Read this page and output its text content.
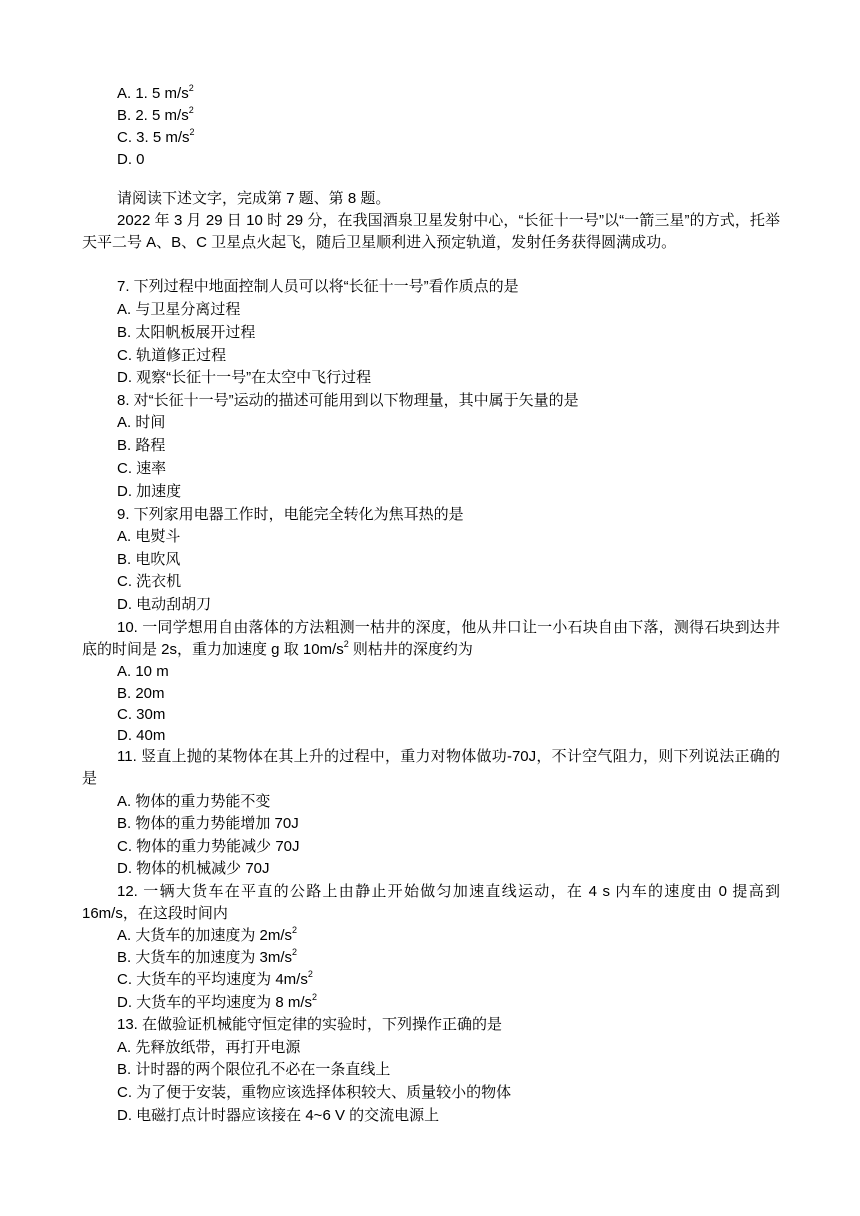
A. 1. 5 $m/s^2$
B. 2. 5 $m/s^2$
C. 3. 5 $m/s^2$
D. 0
请阅读下述文字，完成第 7 题、第 8 题。
2022 年 3 月 29 日 10 时 29 分，在我国酒泉卫星发射中心，“长征十一号”以“一箭三星”的方式，托举天平二号 A、B、C 卫星点火起飞，随后卫星顺利进入预定轨道，发射任务获得圆满成功。
7. 下列过程中地面控制人员可以将“长征十一号”看作质点的是
A. 与卫星分离过程
B. 太阳帆板展开过程
C. 轨道修正过程
D. 观察“长征十一号”在太空中飞行过程
8. 对“长征十一号”运动的描述可能用到以下物理量，其中属于矢量的是
A. 时间
B. 路程
C. 速率
D. 加速度
9. 下列家用电器工作时，电能完全转化为焦耳热的是
A. 电熨斗
B. 电吹风
C. 洗衣机
D. 电动刮胡刀
10. 一同学想用自由落体的方法粗测一枯井的深度，他从井口让一小石块自由下落，测得石块到达井底的时间是 2s，重力加速度 g 取 $10m/s^2$ 则枯井的深度约为
A. 10 m
B. 20m
C. 30m
D. 40m
11. 竖直上抛的某物体在其上升的过程中，重力对物体做功-70J，不计空气阻力，则下列说法正确的是
A. 物体的重力势能不变
B. 物体的重力势能增加 70J
C. 物体的重力势能减少 70J
D. 物体的机械减少 70J
12. 一辆大货车在平直的公路上由静止开始做匀加速直线运动，在 4 s 内车的速度由 0 提高到 16m/s，在这段时间内
A. 大货车的加速度为 $2m/s^2$
B. 大货车的加速度为 $3m/s^2$
C. 大货车的平均速度为 $4m/s^2$
D. 大货车的平均速度为 8 $m/s^2$
13. 在做验证机械能守恒定律的实验时，下列操作正确的是
A. 先释放纸带，再打开电源
B. 计时器的两个限位孔不必在一条直线上
C. 为了便于安装，重物应该选择体积较大、质量较小的物体
D. 电磁打点计时器应该接在 4~6 V 的交流电源上
